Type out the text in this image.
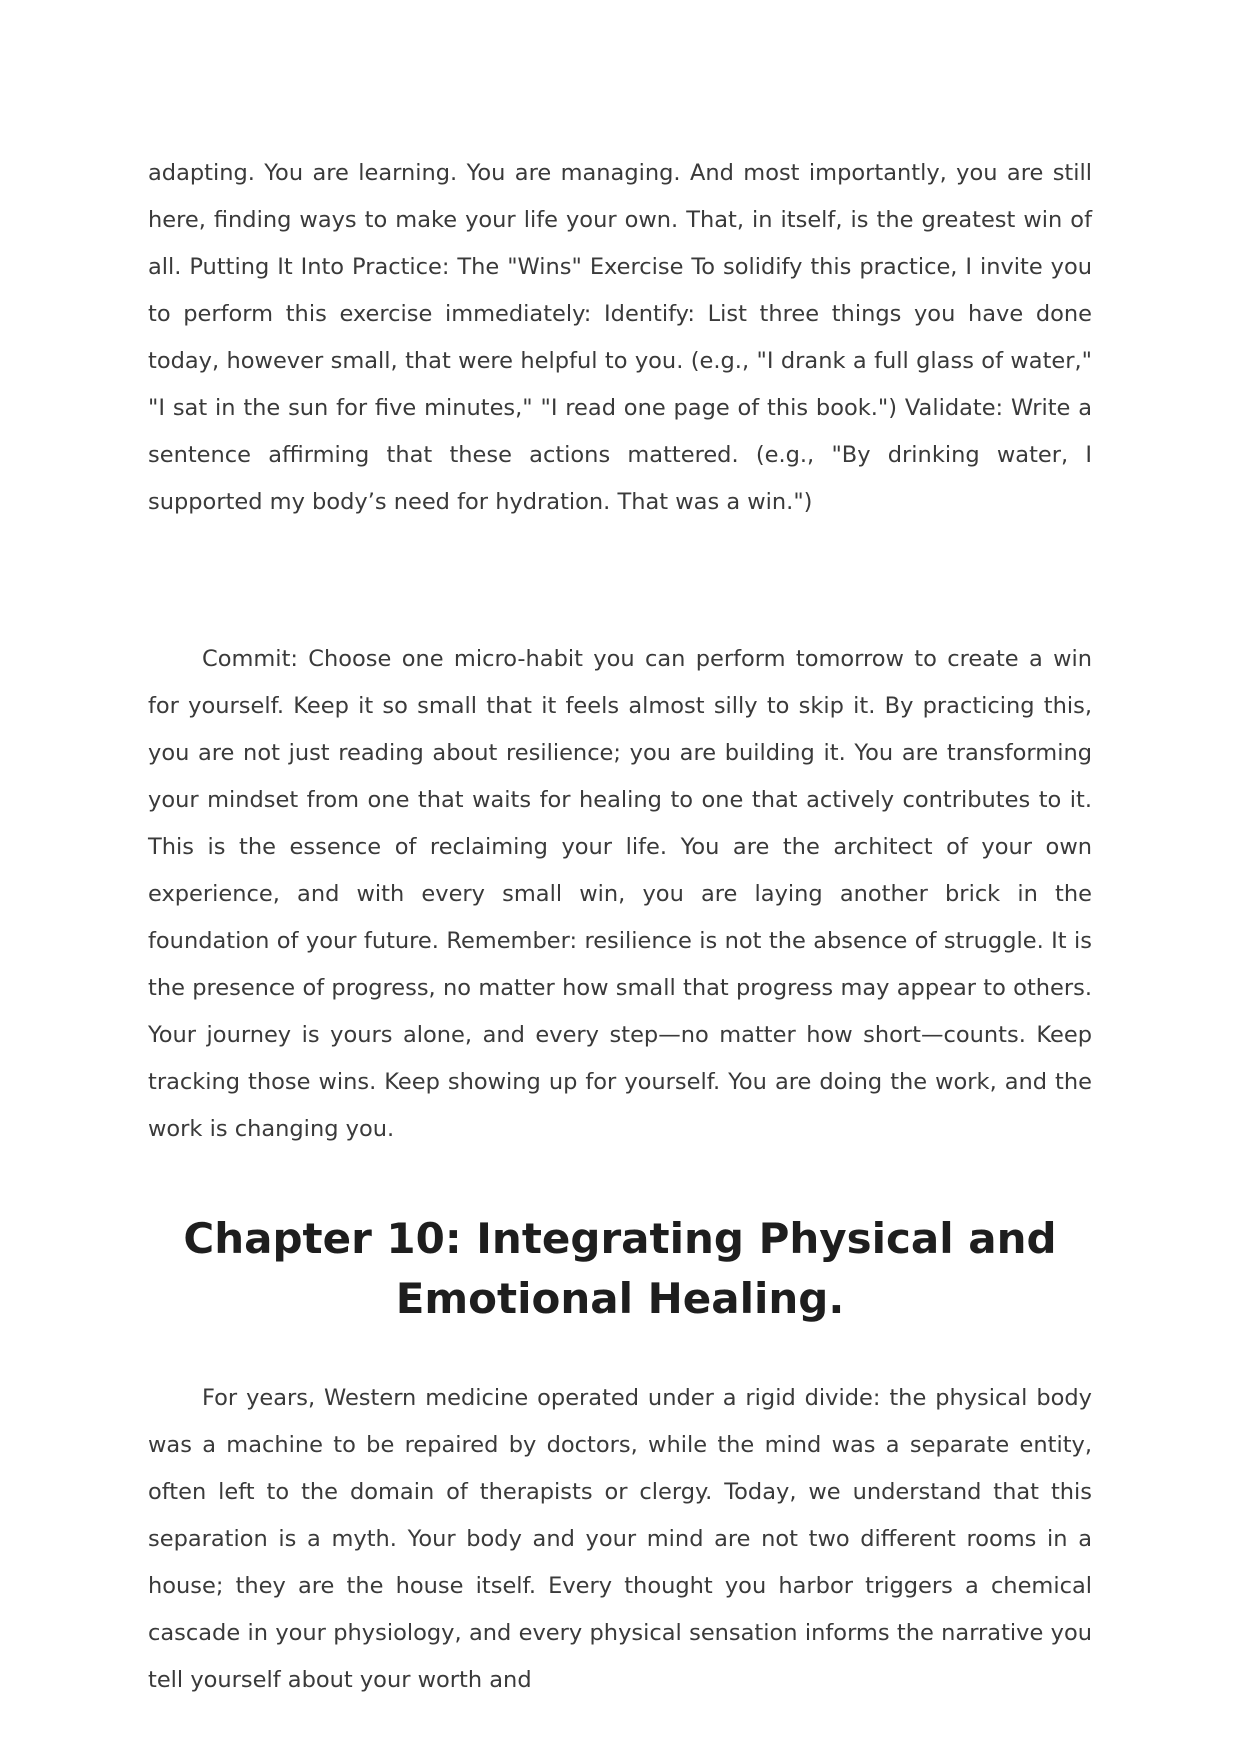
adapting. You are learning. You are managing. And most importantly, you are still here, finding ways to make your life your own. That, in itself, is the greatest win of all. Putting It Into Practice: The "Wins" Exercise To solidify this practice, I invite you to perform this exercise immediately: Identify: List three things you have done today, however small, that were helpful to you. (e.g., "I drank a full glass of water," "I sat in the sun for five minutes," "I read one page of this book.") Validate: Write a sentence affirming that these actions mattered. (e.g., "By drinking water, I supported my body’s need for hydration. That was a win.")

Commit: Choose one micro-habit you can perform tomorrow to create a win for yourself. Keep it so small that it feels almost silly to skip it. By practicing this, you are not just reading about resilience; you are building it. You are transforming your mindset from one that waits for healing to one that actively contributes to it. This is the essence of reclaiming your life. You are the architect of your own experience, and with every small win, you are laying another brick in the foundation of your future. Remember: resilience is not the absence of struggle. It is the presence of progress, no matter how small that progress may appear to others. Your journey is yours alone, and every step—no matter how short—counts. Keep tracking those wins. Keep showing up for yourself. You are doing the work, and the work is changing you.

Chapter 10: Integrating Physical and Emotional Healing.

For years, Western medicine operated under a rigid divide: the physical body was a machine to be repaired by doctors, while the mind was a separate entity, often left to the domain of therapists or clergy. Today, we understand that this separation is a myth. Your body and your mind are not two different rooms in a house; they are the house itself. Every thought you harbor triggers a chemical cascade in your physiology, and every physical sensation informs the narrative you tell yourself about your worth and
